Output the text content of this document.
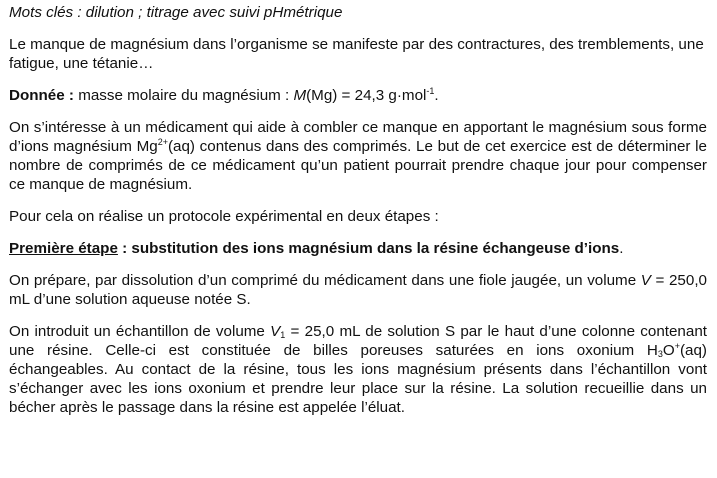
Mots clés : dilution ; titrage avec suivi pHmétrique

Le manque de magnésium dans l’organisme se manifeste par des contractures, des tremblements, une fatigue, une tétanie…

Donnée : masse molaire du magnésium : M(Mg) = 24,3 g·mol$^{-1}$.

On s’intéresse à un médicament qui aide à combler ce manque en apportant le magnésium sous forme d’ions magnésium $Mg^{2+}(aq)$ contenus dans des comprimés. Le but de cet exercice est de déterminer le nombre de comprimés de ce médicament qu’un patient pourrait prendre chaque jour pour compenser ce manque de magnésium.

Pour cela on réalise un protocole expérimental en deux étapes :

Première étape : substitution des ions magnésium dans la résine échangeuse d’ions.

On prépare, par dissolution d’un comprimé du médicament dans une fiole jaugée, un volume V = 250,0 mL d’une solution aqueuse notée S.

On introduit un échantillon de volume $V_1 = 25,0$ mL de solution S par le haut d’une colonne contenant une résine. Celle-ci est constituée de billes poreuses saturées en ions oxonium $H_3O^+(aq)$ échangeables. Au contact de la résine, tous les ions magnésium présents dans l’échantillon vont s’échanger avec les ions oxonium et prendre leur place sur la résine. La solution recueillie dans un bécher après le passage dans la résine est appelée l’éluat.
